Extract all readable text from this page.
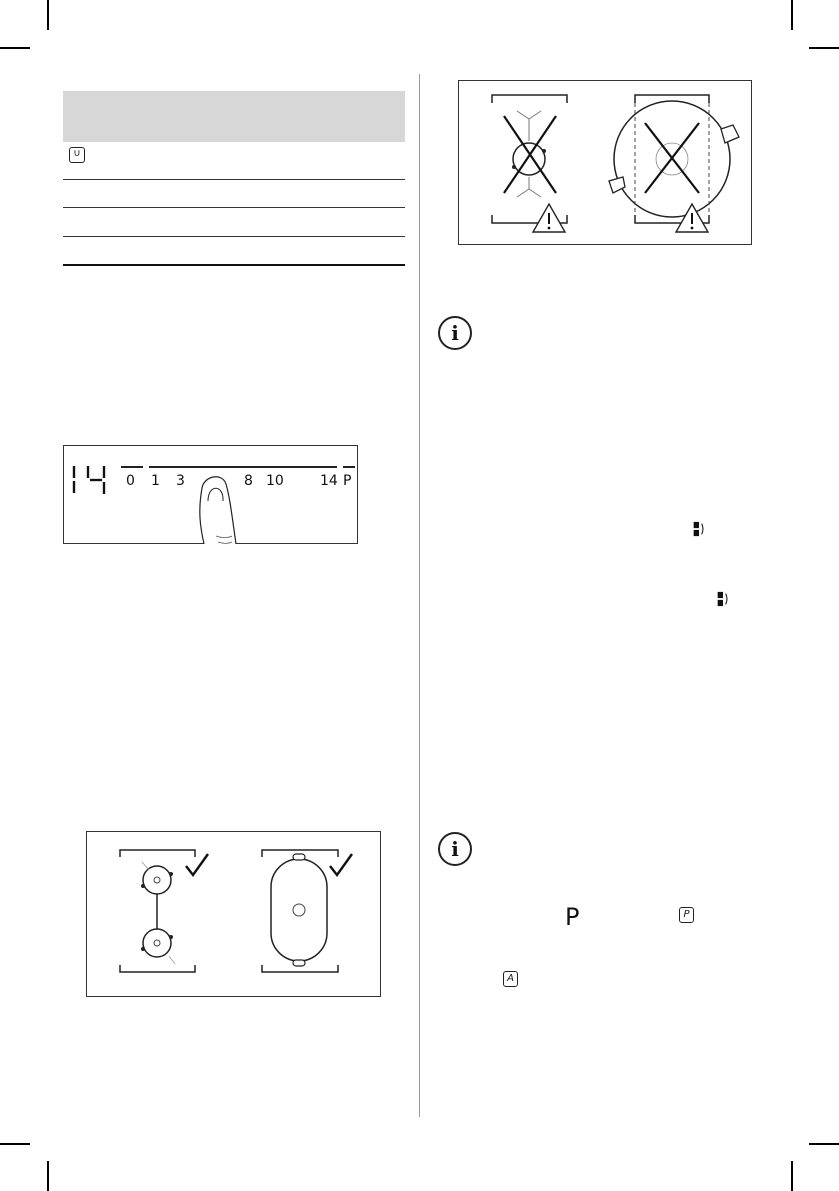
∪
0 1 3	8 10	14 P
i
i
P	P
A
